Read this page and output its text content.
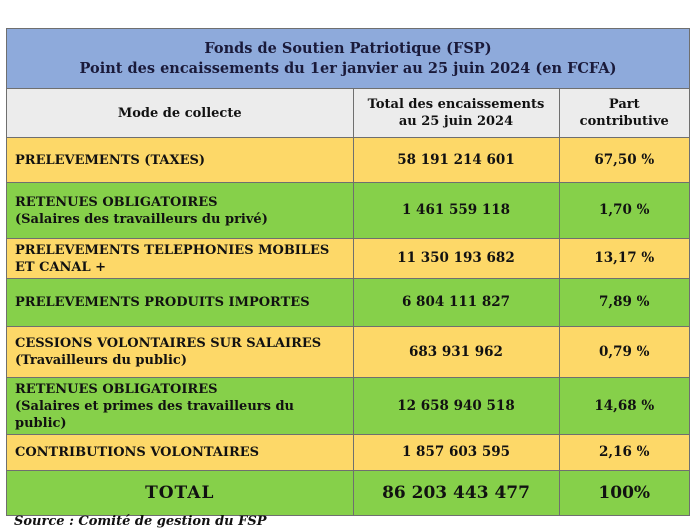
Fonds de Soutien Patriotique (FSP)
Point des encaissements du 1er janvier au 25 juin 2024 (en FCFA)
Mode de collecte	Total des encaissements au 25 juin 2024	Part contributive
PRELEVEMENTS (TAXES)	58 191 214 601	67,50 %
RETENUES OBLIGATOIRES
(Salaires des travailleurs du privé)	1 461 559 118	1,70 %
PRELEVEMENTS TELEPHONIES MOBILES ET CANAL +	11 350 193 682	13,17 %
PRELEVEMENTS PRODUITS IMPORTES	6 804 111 827	7,89 %
CESSIONS VOLONTAIRES SUR SALAIRES
(Travailleurs du public)	683 931 962	0,79 %
RETENUES OBLIGATOIRES
(Salaires et primes des travailleurs du public)	12 658 940 518	14,68 %
CONTRIBUTIONS VOLONTAIRES	1 857 603 595	2,16 %
TOTAL	86 203 443 477	100%
Source : Comité de gestion du FSP
